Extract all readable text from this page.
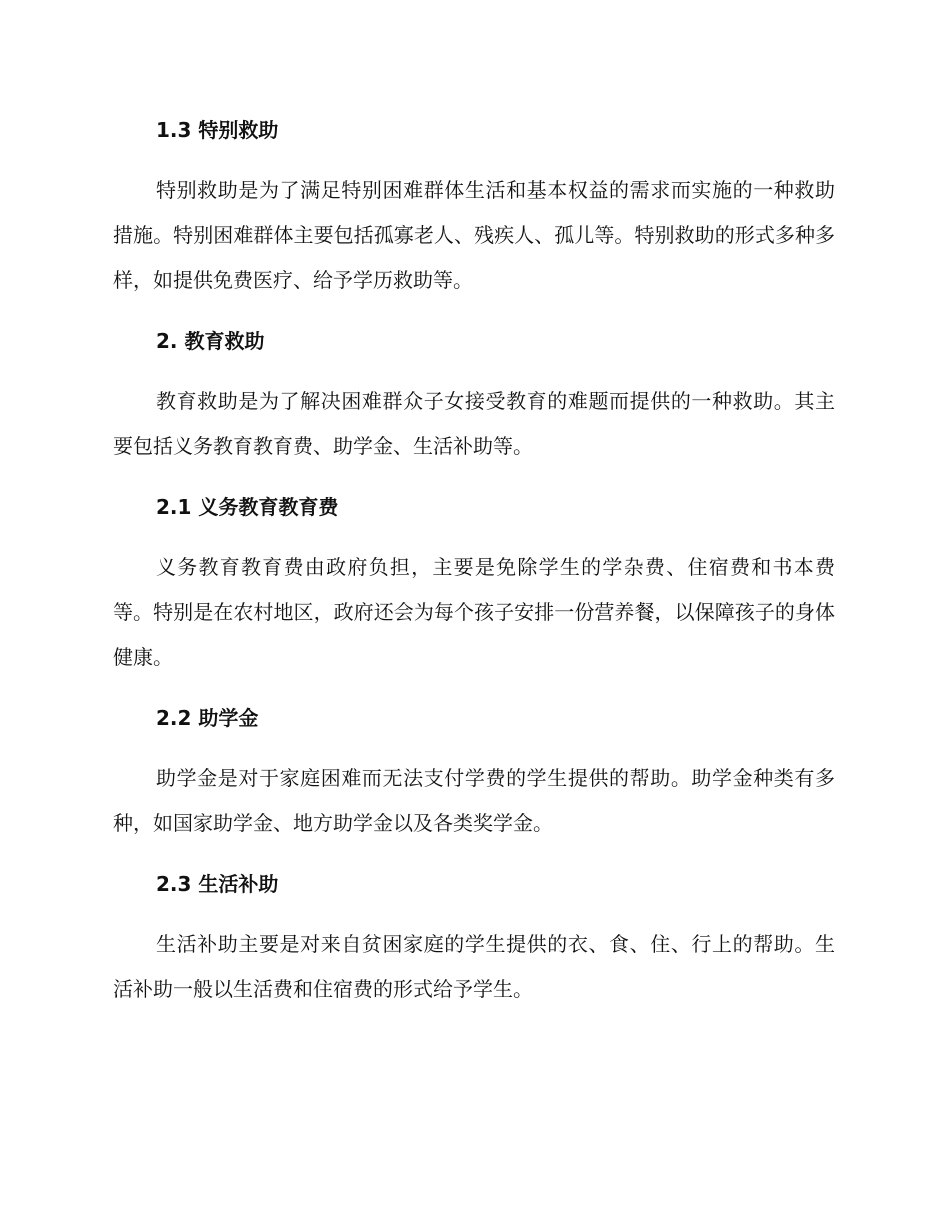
1.3 特别救助

特别救助是为了满足特别困难群体生活和基本权益的需求而实施的一种救助措施。特别困难群体主要包括孤寡老人、残疾人、孤儿等。特别救助的形式多种多样，如提供免费医疗、给予学历救助等。

2. 教育救助

教育救助是为了解决困难群众子女接受教育的难题而提供的一种救助。其主要包括义务教育教育费、助学金、生活补助等。

2.1 义务教育教育费

义务教育教育费由政府负担，主要是免除学生的学杂费、住宿费和书本费等。特别是在农村地区，政府还会为每个孩子安排一份营养餐，以保障孩子的身体健康。

2.2 助学金

助学金是对于家庭困难而无法支付学费的学生提供的帮助。助学金种类有多种，如国家助学金、地方助学金以及各类奖学金。

2.3 生活补助

生活补助主要是对来自贫困家庭的学生提供的衣、食、住、行上的帮助。生活补助一般以生活费和住宿费的形式给予学生。
